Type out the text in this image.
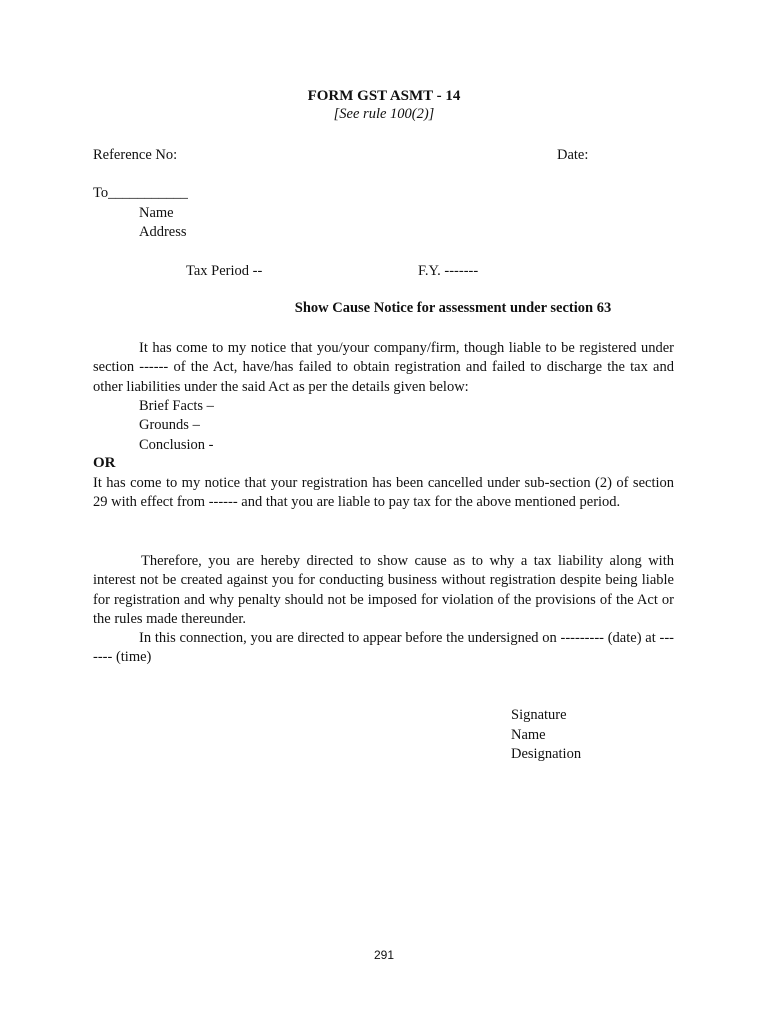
FORM GST ASMT - 14
[See rule 100(2)]
Reference No:	Date:
To___________
Name
Address
Tax Period --	F.Y. -------
Show Cause Notice for assessment under section 63
It has come to my notice that you/your company/firm, though liable to be registered under section ------ of the Act, have/has failed to obtain registration and failed to discharge the tax and other liabilities under the said Act as per the details given below:
Brief Facts –
Grounds –
Conclusion -
OR
It has come to my notice that your registration has been cancelled under sub-section (2) of section 29 with effect from ------ and that you are liable to pay tax for the above mentioned period.
Therefore, you are hereby directed to show cause as to why a tax liability along with interest not be created against you for conducting business without registration despite being liable for registration and why penalty should not be imposed for violation of the provisions of the Act or the rules made thereunder.
In this connection, you are directed to appear before the undersigned on --------- (date) at ------- (time)
Signature
Name
Designation
291
